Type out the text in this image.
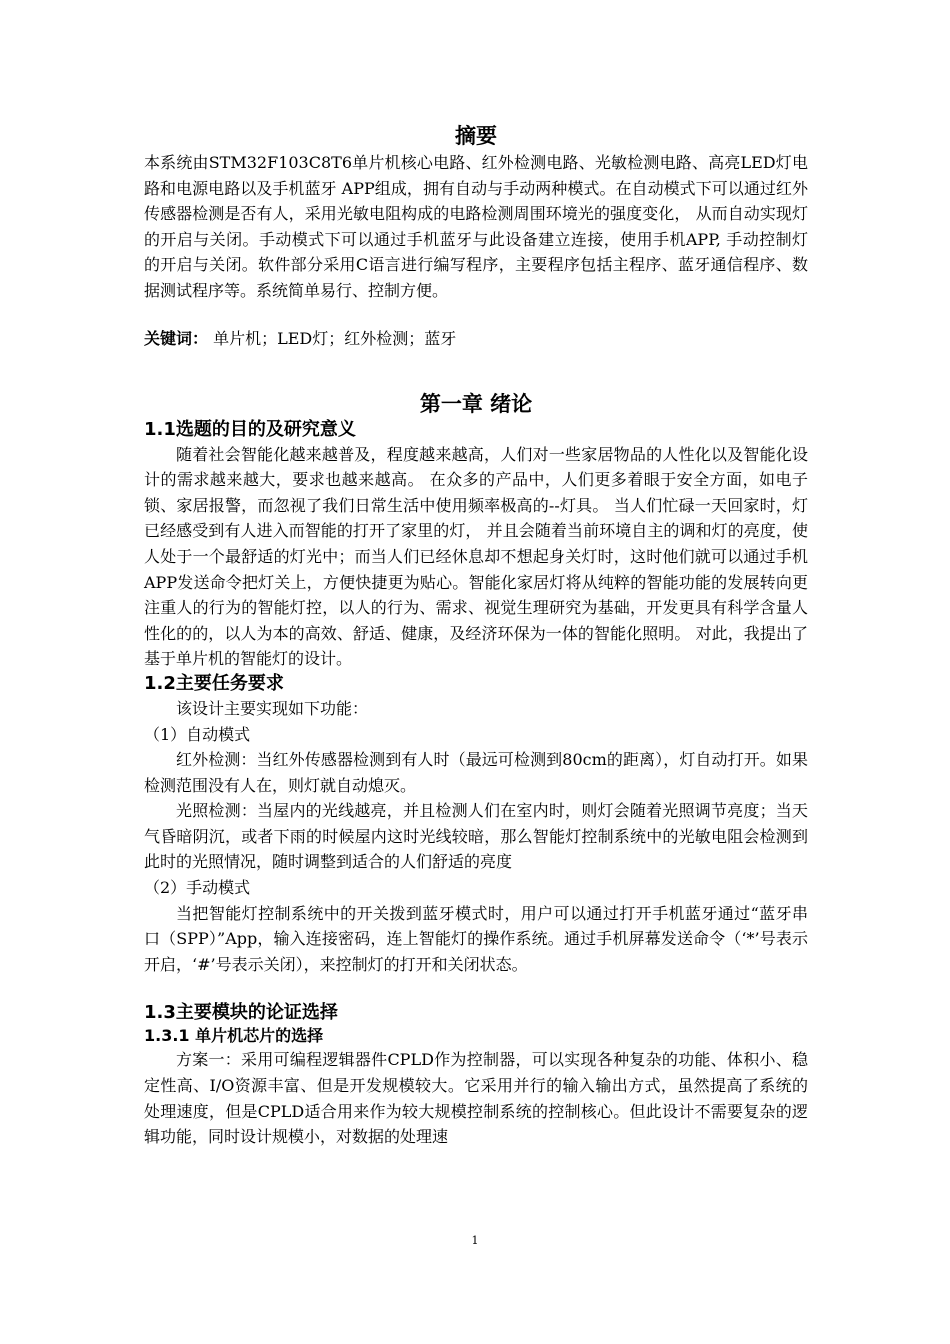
摘要

本系统由STM32F103C8T6单片机核心电路、红外检测电路、光敏检测电路、高亮LED灯电路和电源电路以及手机蓝牙 APP组成，拥有自动与手动两种模式。在自动模式下可以通过红外传感器检测是否有人，采用光敏电阻构成的电路检测周围环境光的强度变化， 从而自动实现灯的开启与关闭。手动模式下可以通过手机蓝牙与此设备建立连接，使用手机APP, 手动控制灯的开启与关闭。软件部分采用C语言进行编写程序，主要程序包括主程序、蓝牙通信程序、数据测试程序等。系统简单易行、控制方便。

关键词： 单片机；LED灯；红外检测；蓝牙

第一章 绪论
1.1选题的目的及研究意义

随着社会智能化越来越普及，程度越来越高，人们对一些家居物品的人性化以及智能化设计的需求越来越大，要求也越来越高。 在众多的产品中，人们更多着眼于安全方面，如电子锁、家居报警，而忽视了我们日常生活中使用频率极高的--灯具。 当人们忙碌一天回家时，灯已经感受到有人进入而智能的打开了家里的灯， 并且会随着当前环境自主的调和灯的亮度，使人处于一个最舒适的灯光中；而当人们已经休息却不想起身关灯时，这时他们就可以通过手机APP发送命令把灯关上，方便快捷更为贴心。智能化家居灯将从纯粹的智能功能的发展转向更注重人的行为的智能灯控，以人的行为、需求、视觉生理研究为基础，开发更具有科学含量人性化的的，以人为本的高效、舒适、健康，及经济环保为一体的智能化照明。 对此，我提出了基于单片机的智能灯的设计。

1.2主要任务要求

该设计主要实现如下功能：

（1）自动模式

红外检测：当红外传感器检测到有人时（最远可检测到80cm的距离），灯自动打开。如果检测范围没有人在，则灯就自动熄灭。

光照检测：当屋内的光线越亮，并且检测人们在室内时，则灯会随着光照调节亮度；当天气昏暗阴沉，或者下雨的时候屋内这时光线较暗，那么智能灯控制系统中的光敏电阻会检测到此时的光照情况，随时调整到适合的人们舒适的亮度

（2）手动模式

当把智能灯控制系统中的开关拨到蓝牙模式时，用户可以通过打开手机蓝牙通过“蓝牙串口（SPP）”App，输入连接密码，连上智能灯的操作系统。通过手机屏幕发送命令（‘*’号表示开启，‘#’号表示关闭），来控制灯的打开和关闭状态。

1.3主要模块的论证选择
1.3.1 单片机芯片的选择

方案一：采用可编程逻辑器件CPLD作为控制器，可以实现各种复杂的功能、体积小、稳定性高、I/O资源丰富、但是开发规模较大。它采用并行的输入输出方式，虽然提高了系统的处理速度，但是CPLD适合用来作为较大规模控制系统的控制核心。但此设计不需要复杂的逻辑功能，同时设计规模小，对数据的处理速

1
